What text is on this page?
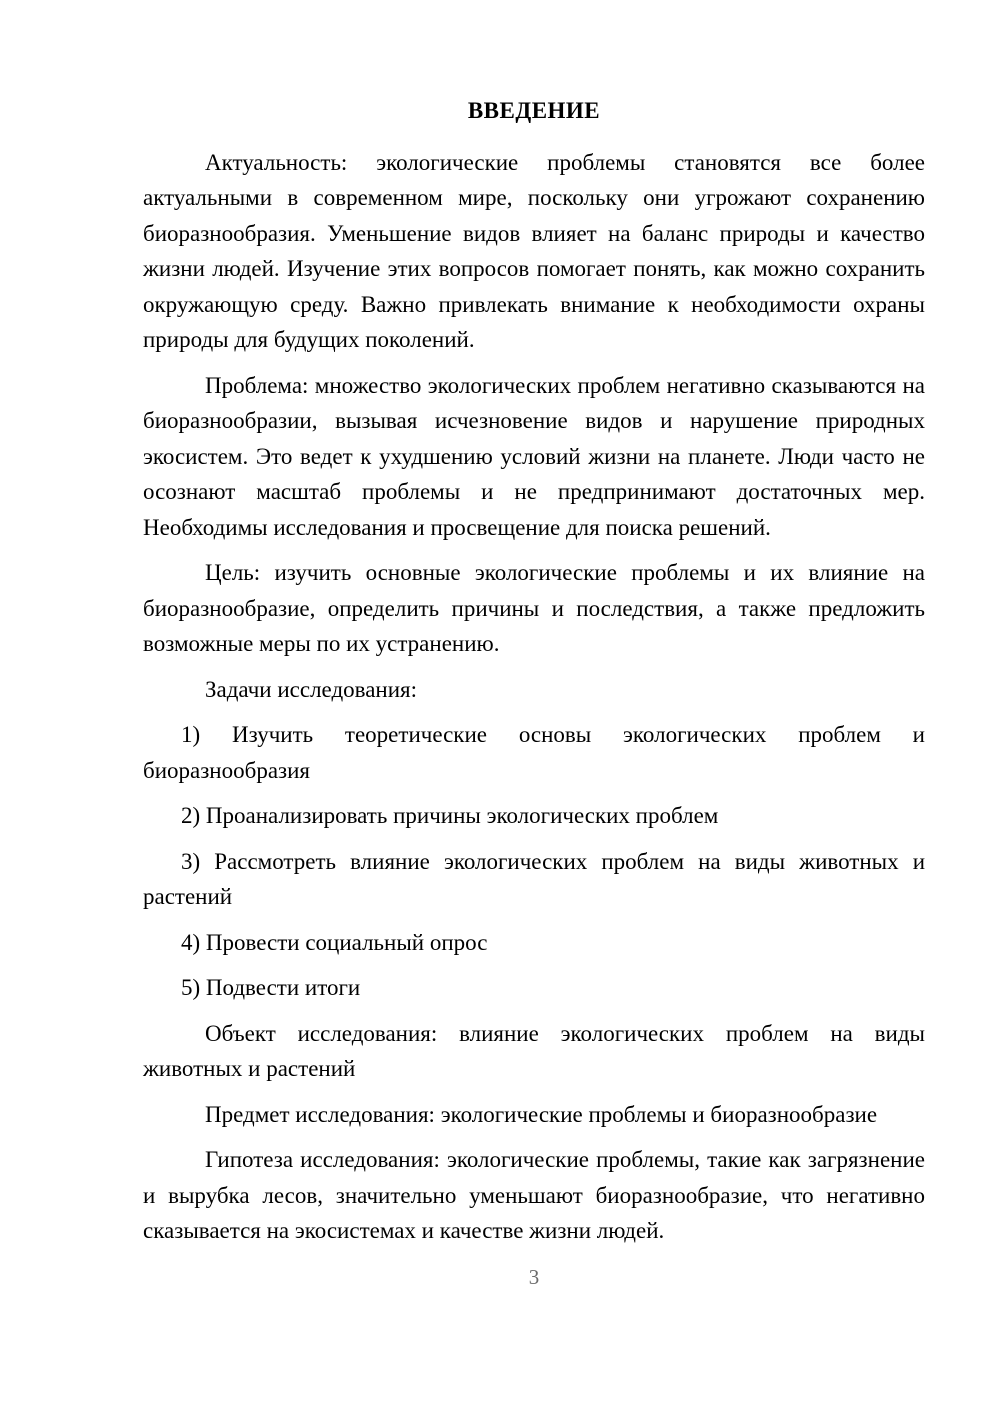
ВВЕДЕНИЕ

Актуальность: экологические проблемы становятся все более актуальными в современном мире, поскольку они угрожают сохранению биоразнообразия. Уменьшение видов влияет на баланс природы и качество жизни людей. Изучение этих вопросов помогает понять, как можно сохранить окружающую среду. Важно привлекать внимание к необходимости охраны природы для будущих поколений.

Проблема: множество экологических проблем негативно сказываются на биоразнообразии, вызывая исчезновение видов и нарушение природных экосистем. Это ведет к ухудшению условий жизни на планете. Люди часто не осознают масштаб проблемы и не предпринимают достаточных мер. Необходимы исследования и просвещение для поиска решений.

Цель: изучить основные экологические проблемы и их влияние на биоразнообразие, определить причины и последствия, а также предложить возможные меры по их устранению.

Задачи исследования:

1) Изучить теоретические основы экологических проблем и биоразнообразия

2) Проанализировать причины экологических проблем

3) Рассмотреть влияние экологических проблем на виды животных и растений

4) Провести социальный опрос

5) Подвести итоги

Объект исследования: влияние экологических проблем на виды животных и растений

Предмет исследования: экологические проблемы и биоразнообразие

Гипотеза исследования: экологические проблемы, такие как загрязнение и вырубка лесов, значительно уменьшают биоразнообразие, что негативно сказывается на экосистемах и качестве жизни людей.

3
